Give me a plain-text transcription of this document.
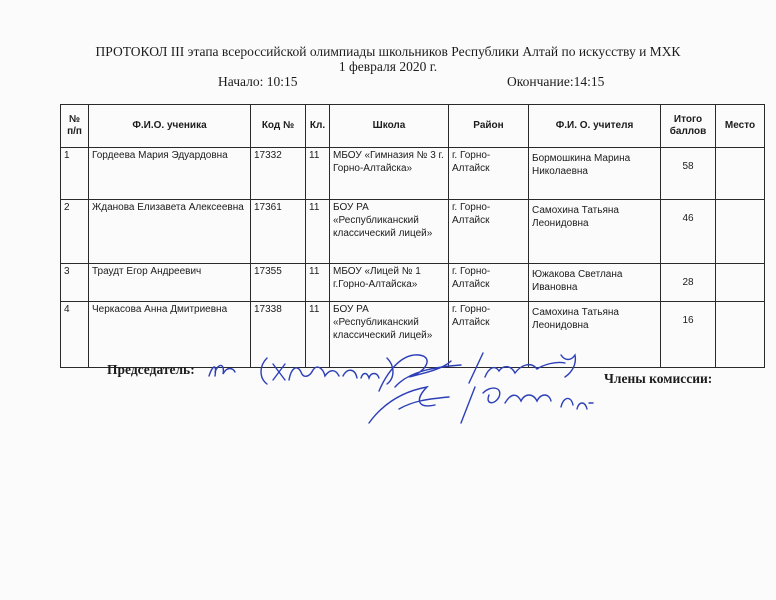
ПРОТОКОЛ III этапа всероссийской олимпиады школьников Республики Алтай по искусству и МХК
1 февраля 2020 г.
Начало: 10:15	Окончание:14:15
№ п/п	Ф.И.О. ученика	Код №	Кл.	Школа	Район	Ф.И. О. учителя	Итого баллов	Место
1	Гордеева Мария Эдуардовна	17332	11	МБОУ «Гимназия № 3 г. Горно-Алтайска»	г. Горно-Алтайск	Бормошкина Марина Николаевна	58	
2	Жданова Елизавета Алексеевна	17361	11	БОУ РА «Республиканский классический лицей»	г. Горно-Алтайск	Самохина Татьяна Леонидовна	46	
3	Траудт Егор Андреевич	17355	11	МБОУ «Лицей № 1 г.Горно-Алтайска»	г. Горно-Алтайск	Южакова Светлана Ивановна	28	
4	Черкасова Анна Дмитриевна	17338	11	БОУ РА «Республиканский классический лицей»	г. Горно-Алтайск	Самохина Татьяна Леонидовна	16	
Председатель:
Члены комиссии:
